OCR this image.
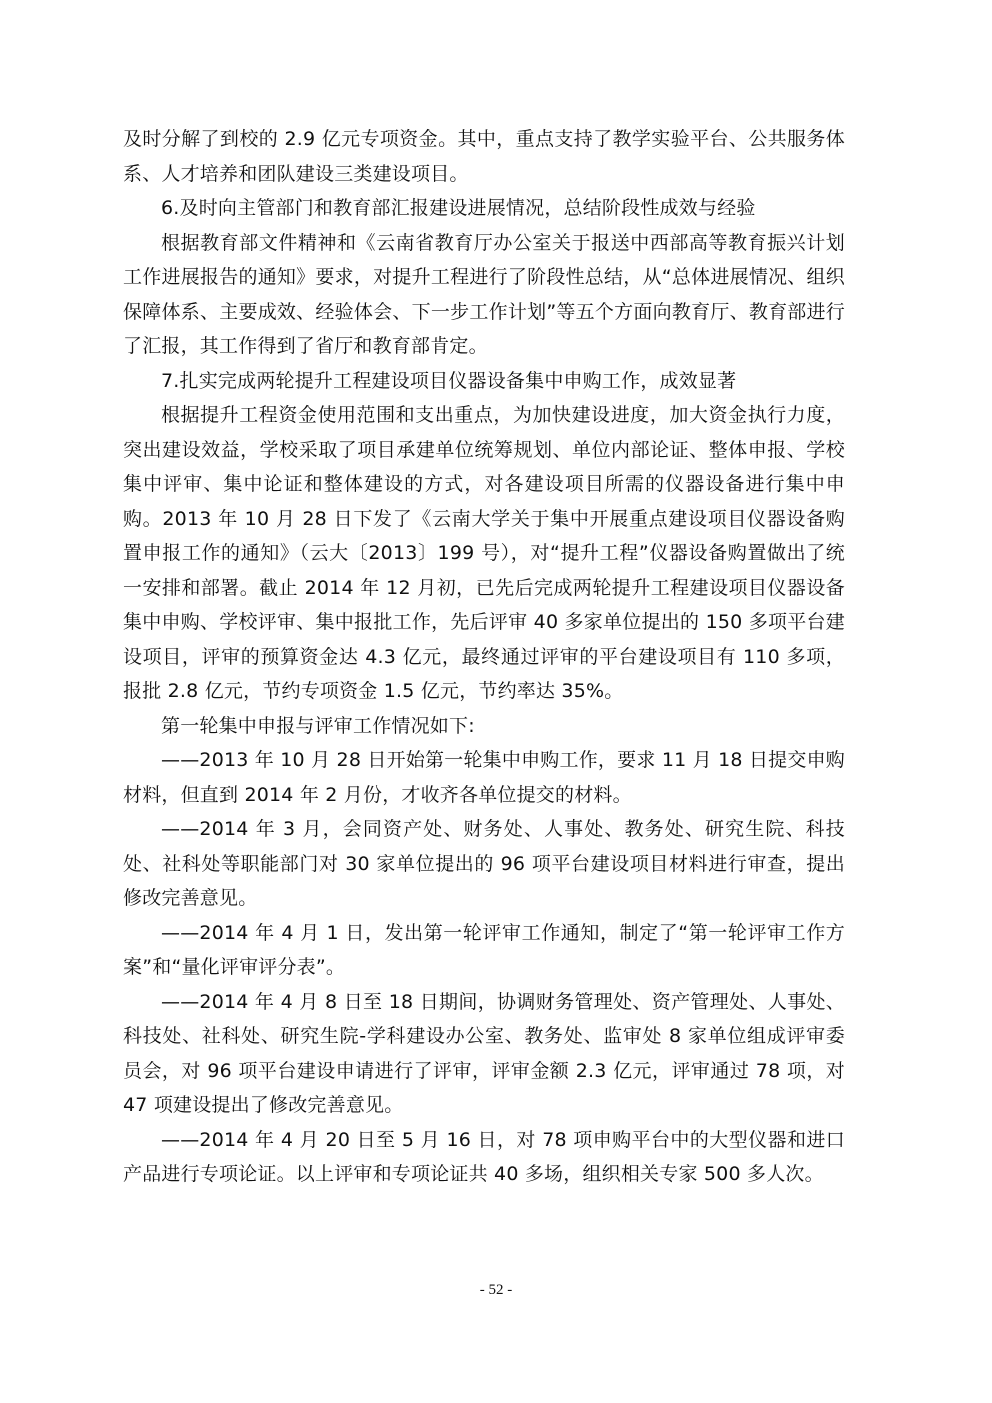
及时分解了到校的 2.9 亿元专项资金。其中，重点支持了教学实验平台、公共服务体系、人才培养和团队建设三类建设项目。

6.及时向主管部门和教育部汇报建设进展情况，总结阶段性成效与经验

根据教育部文件精神和《云南省教育厅办公室关于报送中西部高等教育振兴计划工作进展报告的通知》要求，对提升工程进行了阶段性总结，从“总体进展情况、组织保障体系、主要成效、经验体会、下一步工作计划”等五个方面向教育厅、教育部进行了汇报，其工作得到了省厅和教育部肯定。

7.扎实完成两轮提升工程建设项目仪器设备集中申购工作，成效显著

根据提升工程资金使用范围和支出重点，为加快建设进度，加大资金执行力度，突出建设效益，学校采取了项目承建单位统筹规划、单位内部论证、整体申报、学校集中评审、集中论证和整体建设的方式，对各建设项目所需的仪器设备进行集中申购。2013 年 10 月 28 日下发了《云南大学关于集中开展重点建设项目仪器设备购置申报工作的通知》（云大〔2013〕199 号），对“提升工程”仪器设备购置做出了统一安排和部署。截止 2014 年 12 月初，已先后完成两轮提升工程建设项目仪器设备集中申购、学校评审、集中报批工作，先后评审 40 多家单位提出的 150 多项平台建设项目，评审的预算资金达 4.3 亿元，最终通过评审的平台建设项目有 110 多项，报批 2.8 亿元，节约专项资金 1.5 亿元，节约率达 35%。

第一轮集中申报与评审工作情况如下:

——2013 年 10 月 28 日开始第一轮集中申购工作，要求 11 月 18 日提交申购材料，但直到 2014 年 2 月份，才收齐各单位提交的材料。

——2014 年 3 月，会同资产处、财务处、人事处、教务处、研究生院、科技处、社科处等职能部门对 30 家单位提出的 96 项平台建设项目材料进行审查，提出修改完善意见。

——2014 年 4 月 1 日，发出第一轮评审工作通知，制定了“第一轮评审工作方案”和“量化评审评分表”。

——2014 年 4 月 8 日至 18 日期间，协调财务管理处、资产管理处、人事处、科技处、社科处、研究生院-学科建设办公室、教务处、监审处 8 家单位组成评审委员会，对 96 项平台建设申请进行了评审，评审金额 2.3 亿元，评审通过 78 项，对 47 项建设提出了修改完善意见。

——2014 年 4 月 20 日至 5 月 16 日，对 78 项申购平台中的大型仪器和进口产品进行专项论证。以上评审和专项论证共 40 多场，组织相关专家 500 多人次。

- 52 -
